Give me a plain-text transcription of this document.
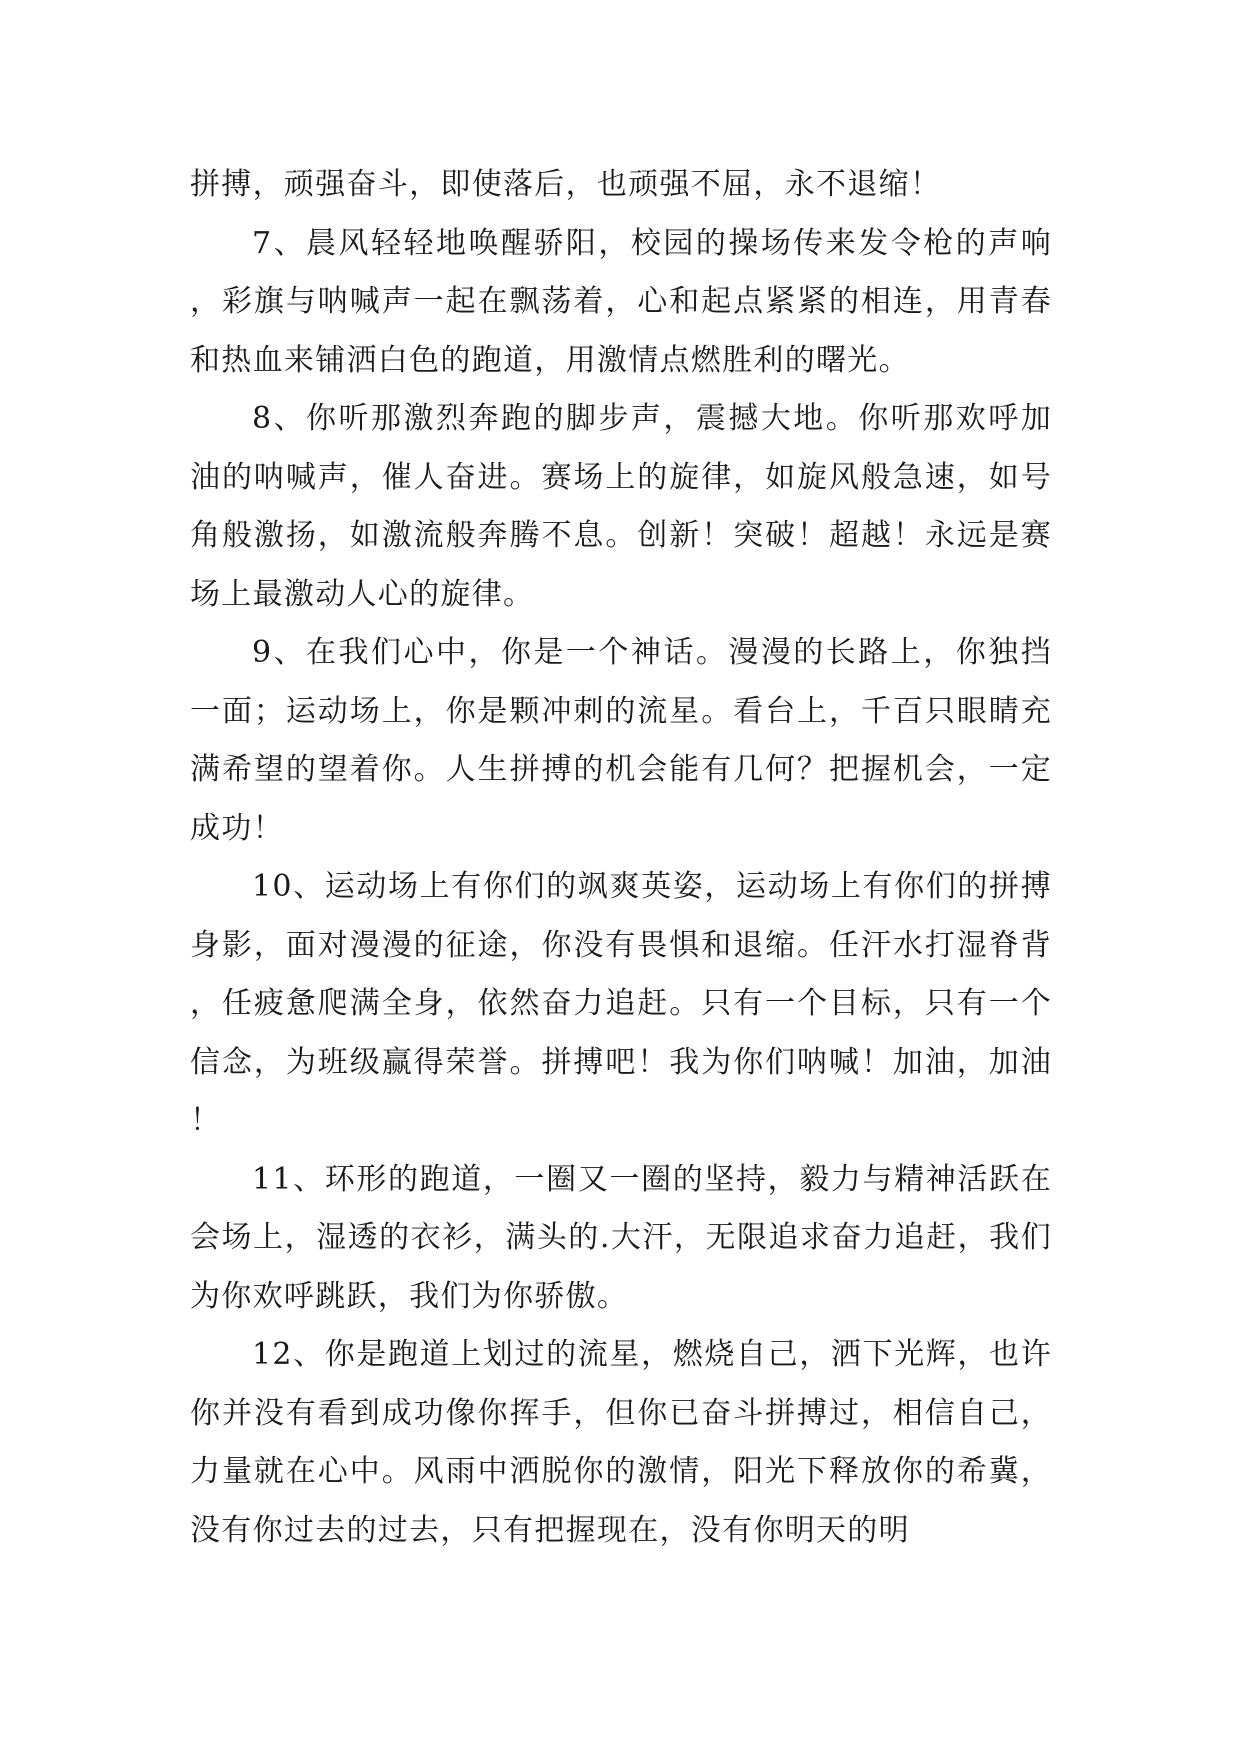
拼搏，顽强奋斗，即使落后，也顽强不屈，永不退缩！

7、晨风轻轻地唤醒骄阳，校园的操场传来发令枪的声响，彩旗与呐喊声一起在飘荡着，心和起点紧紧的相连，用青春和热血来铺洒白色的跑道，用激情点燃胜利的曙光。

8、你听那激烈奔跑的脚步声，震撼大地。你听那欢呼加油的呐喊声，催人奋进。赛场上的旋律，如旋风般急速，如号角般激扬，如激流般奔腾不息。创新！突破！超越！永远是赛场上最激动人心的旋律。

9、在我们心中，你是一个神话。漫漫的长路上，你独挡一面；运动场上，你是颗冲刺的流星。看台上，千百只眼睛充满希望的望着你。人生拼搏的机会能有几何？把握机会，一定成功！

10、运动场上有你们的飒爽英姿，运动场上有你们的拼搏身影，面对漫漫的征途，你没有畏惧和退缩。任汗水打湿脊背，任疲惫爬满全身，依然奋力追赶。只有一个目标，只有一个信念，为班级赢得荣誉。拼搏吧！我为你们呐喊！加油，加油！

11、环形的跑道，一圈又一圈的坚持，毅力与精神活跃在会场上，湿透的衣衫，满头的.大汗，无限追求奋力追赶，我们为你欢呼跳跃，我们为你骄傲。

12、你是跑道上划过的流星，燃烧自己，洒下光辉，也许你并没有看到成功像你挥手，但你已奋斗拼搏过，相信自己，力量就在心中。风雨中洒脱你的激情，阳光下释放你的希冀，没有你过去的过去，只有把握现在，没有你明天的明
